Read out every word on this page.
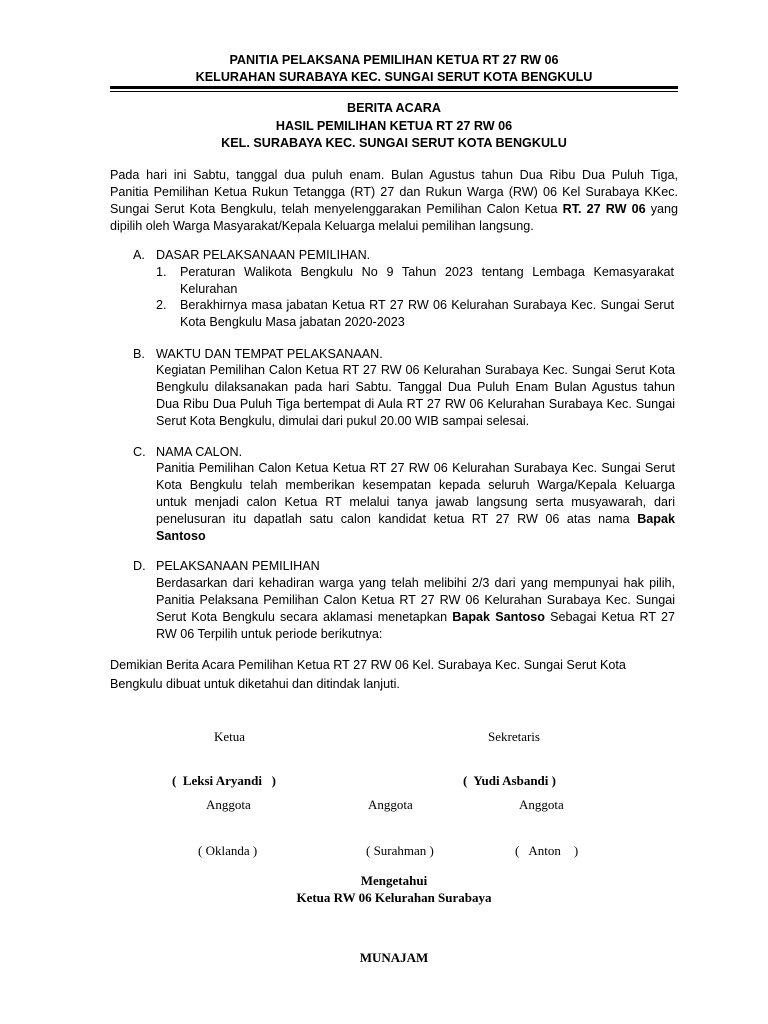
PANITIA PELAKSANA PEMILIHAN KETUA RT 27 RW 06
KELURAHAN SURABAYA KEC. SUNGAI SERUT KOTA BENGKULU
BERITA ACARA
HASIL PEMILIHAN KETUA RT 27 RW 06
KEL. SURABAYA KEC. SUNGAI SERUT KOTA BENGKULU
Pada hari ini Sabtu, tanggal dua puluh enam. Bulan Agustus tahun Dua Ribu Dua Puluh Tiga,
Panitia Pemilihan Ketua Rukun Tetangga (RT) 27 dan Rukun Warga (RW) 06 Kel Surabaya KKec.
Sungai Serut Kota Bengkulu, telah menyelenggarakan Pemilihan Calon Ketua RT. 27 RW 06 yang
dipilih oleh Warga Masyarakat/Kepala Keluarga melalui pemilihan langsung.
A. DASAR PELAKSANAAN PEMILIHAN.
1. Peraturan Walikota Bengkulu No 9 Tahun 2023 tentang Lembaga Kemasyarakat
Kelurahan
2. Berakhirnya masa jabatan Ketua RT 27 RW 06 Kelurahan Surabaya Kec. Sungai Serut
Kota Bengkulu Masa jabatan 2020-2023
B. WAKTU DAN TEMPAT PELAKSANAAN.
Kegiatan Pemilihan Calon Ketua RT 27 RW 06 Kelurahan Surabaya Kec. Sungai Serut Kota
Bengkulu dilaksanakan pada hari Sabtu. Tanggal Dua Puluh Enam Bulan Agustus tahun
Dua Ribu Dua Puluh Tiga bertempat di Aula RT 27 RW 06 Kelurahan Surabaya Kec. Sungai
Serut Kota Bengkulu, dimulai dari pukul 20.00 WIB sampai selesai.
C. NAMA CALON.
Panitia Pemilihan Calon Ketua Ketua RT 27 RW 06 Kelurahan Surabaya Kec. Sungai Serut
Kota Bengkulu telah memberikan kesempatan kepada seluruh Warga/Kepala Keluarga
untuk menjadi calon Ketua RT melalui tanya jawab langsung serta musyawarah, dari
penelusuran itu dapatlah satu calon kandidat ketua RT 27 RW 06 atas nama Bapak
Santoso
D. PELAKSANAAN PEMILIHAN
Berdasarkan dari kehadiran warga yang telah melibihi 2/3 dari yang mempunyai hak pilih,
Panitia Pelaksana Pemilihan Calon Ketua RT 27 RW 06 Kelurahan Surabaya Kec. Sungai
Serut Kota Bengkulu secara aklamasi menetapkan Bapak Santoso Sebagai Ketua RT 27
RW 06 Terpilih untuk periode berikutnya:
Demikian Berita Acara Pemilihan Ketua RT 27 RW 06 Kel. Surabaya Kec. Sungai Serut Kota
Bengkulu dibuat untuk diketahui dan ditindak lanjuti.
Ketua	Sekretaris
(  Leksi Aryandi   )	(  Yudi Asbandi )
Anggota	Anggota	Anggota
( Oklanda )	( Surahman )	(   Anton    )
Mengetahui
Ketua RW 06 Kelurahan Surabaya
MUNAJAM
